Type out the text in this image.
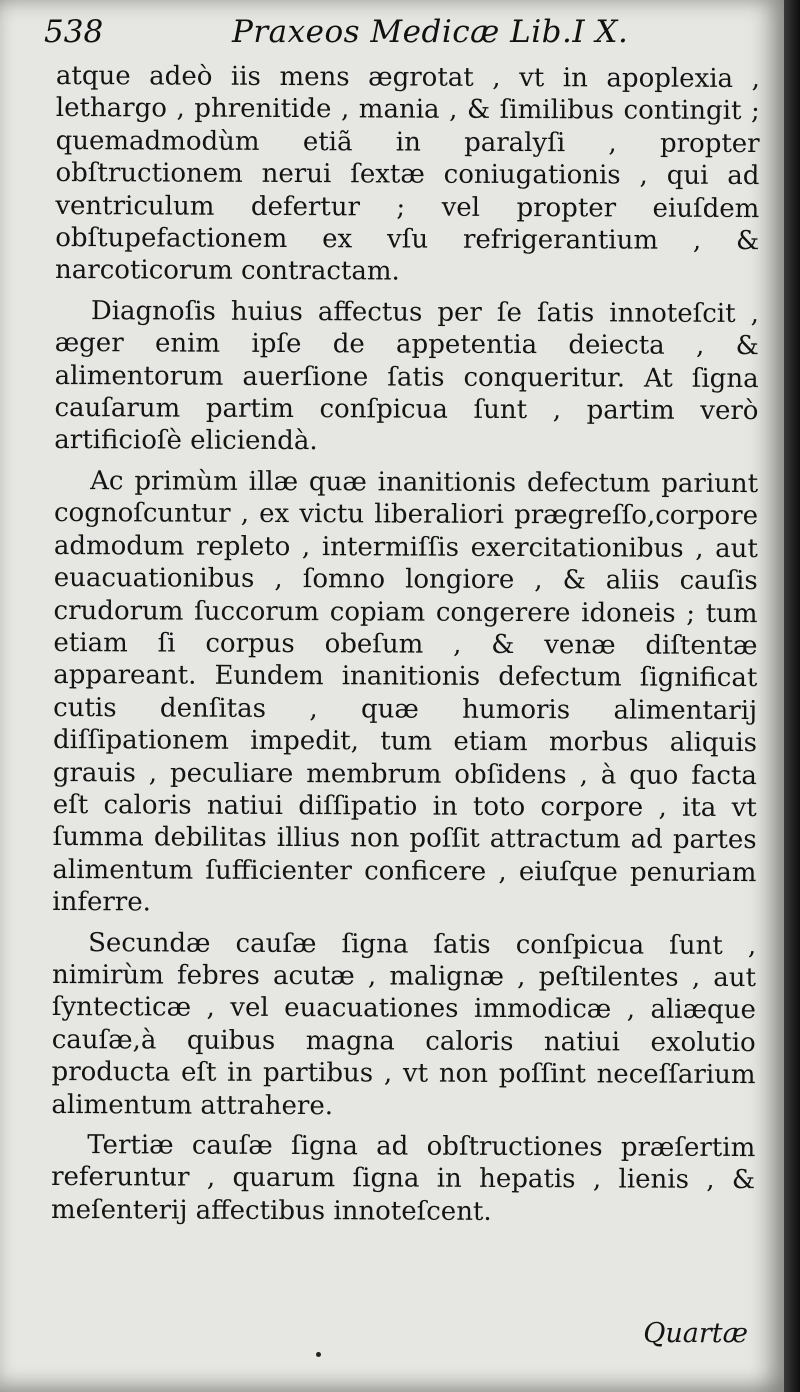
538	Praxeos Medicæ Lib.I X.

atque adeò iis mens ægrotat , vt in apoplexia , lethargo , phrenitide , mania , & ſimilibus contingit ; quemadmodùm etiã in paralyſi , propter obſtructionem nerui ſextæ coniugationis , qui ad ventriculum defertur ; vel propter eiuſdem obſtupefactionem ex vſu refrigerantium , & narcoticorum contractam.

Diagnoſis huius affectus per ſe ſatis innoteſcit , æger enim ipſe de appetentia deiecta , & alimentorum auerſione ſatis conqueritur. At ſigna cauſarum partim conſpicua ſunt , partim verò artificioſè eliciendà.

Ac primùm illæ quæ inanitionis defectum pariunt cognoſcuntur , ex victu liberaliori prægreſſo,corpore admodum repleto , intermiſſis exercitationibus , aut euacuationibus , ſomno longiore , & aliis cauſis crudorum ſuccorum copiam congerere idoneis ; tum etiam ſi corpus obeſum , & venæ diſtentæ appareant. Eundem inanitionis defectum ſignificat cutis denſitas , quæ humoris alimentarij diſſipationem impedit, tum etiam morbus aliquis grauis , peculiare membrum obſidens , à quo facta eſt caloris natiui diſſipatio in toto corpore , ita vt ſumma debilitas illius non poſſit attractum ad partes alimentum ſufficienter conficere , eiuſque penuriam inferre.

Secundæ cauſæ ſigna ſatis conſpicua ſunt , nimirùm febres acutæ , malignæ , peſtilentes , aut ſyntecticæ , vel euacuationes immodicæ , aliæque cauſæ,à quibus magna caloris natiui exolutio producta eſt in partibus , vt non poſſint neceſſarium alimentum attrahere.

Tertiæ cauſæ ſigna ad obſtructiones præſertim referuntur , quarum ſigna in hepatis , lienis , & meſenterij affectibus innoteſcent.

Quartæ
